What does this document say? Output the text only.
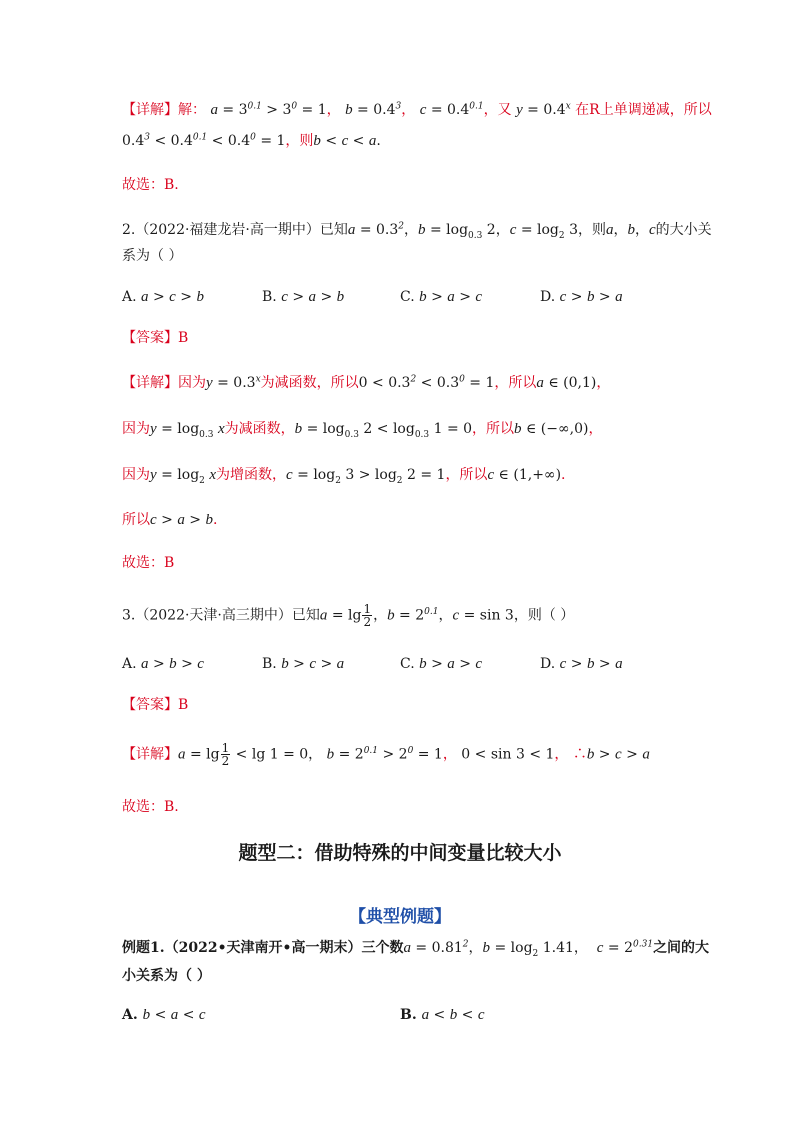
【详解】解： $a = 3^{0.1} > 3^0 = 1$， $b = 0.4^3$， $c = 0.4^{0.1}$，又 $y = 0.4^x$ 在R上单调递减，所以
$0.4^3 < 0.4^{0.1} < 0.4^0 = 1$，则b < c < a.
故选：B.
2.（2022·福建龙岩·高一期中）已知$a = 0.3^2$，$b = \log_{0.3} 2$，$c = \log_2 3$，则a，b，c的大小关
系为（ ）
A. a > c > b	B. c > a > b	C. b > a > c	D. c > b > a
【答案】B
【详解】因为$y = 0.3^x$为减函数，所以$0 < 0.3^2 < 0.3^0 = 1$，所以a ∈ (0,1)，
因为$y = \log_{0.3} x$为减函数，$b = \log_{0.3} 2 < \log_{0.3} 1 = 0$，所以b ∈ (−∞,0)，
因为$y = \log_2 x$为增函数，$c = \log_2 3 > \log_2 2 = 1$，所以c ∈ (1,+∞).
所以c > a > b.
故选：B
3.（2022·天津·高三期中）已知$a = \lg \frac{1}{2}$ ，$b = 2^{0.1}$，c = sin 3，则（ ）
A. a > b > c	B. b > c > a	C. b > a > c	D. c > b > a
【答案】B
【详解】$a = \lg \frac{1}{2} < \lg 1 = 0$， $b = 2^{0.1} > 2^0 = 1$， 0 < sin 3 < 1， ∴b > c > a
故选：B.
题型二：借助特殊的中间变量比较大小
【典型例题】
例题1.（2022•天津南开•高一期末）三个数$a = 0.81^2$，$b = \log_2 1.41$，  $c = 2^{0.31}$之间的大
小关系为（ ）
A. b < a < c	B. a < b < c
